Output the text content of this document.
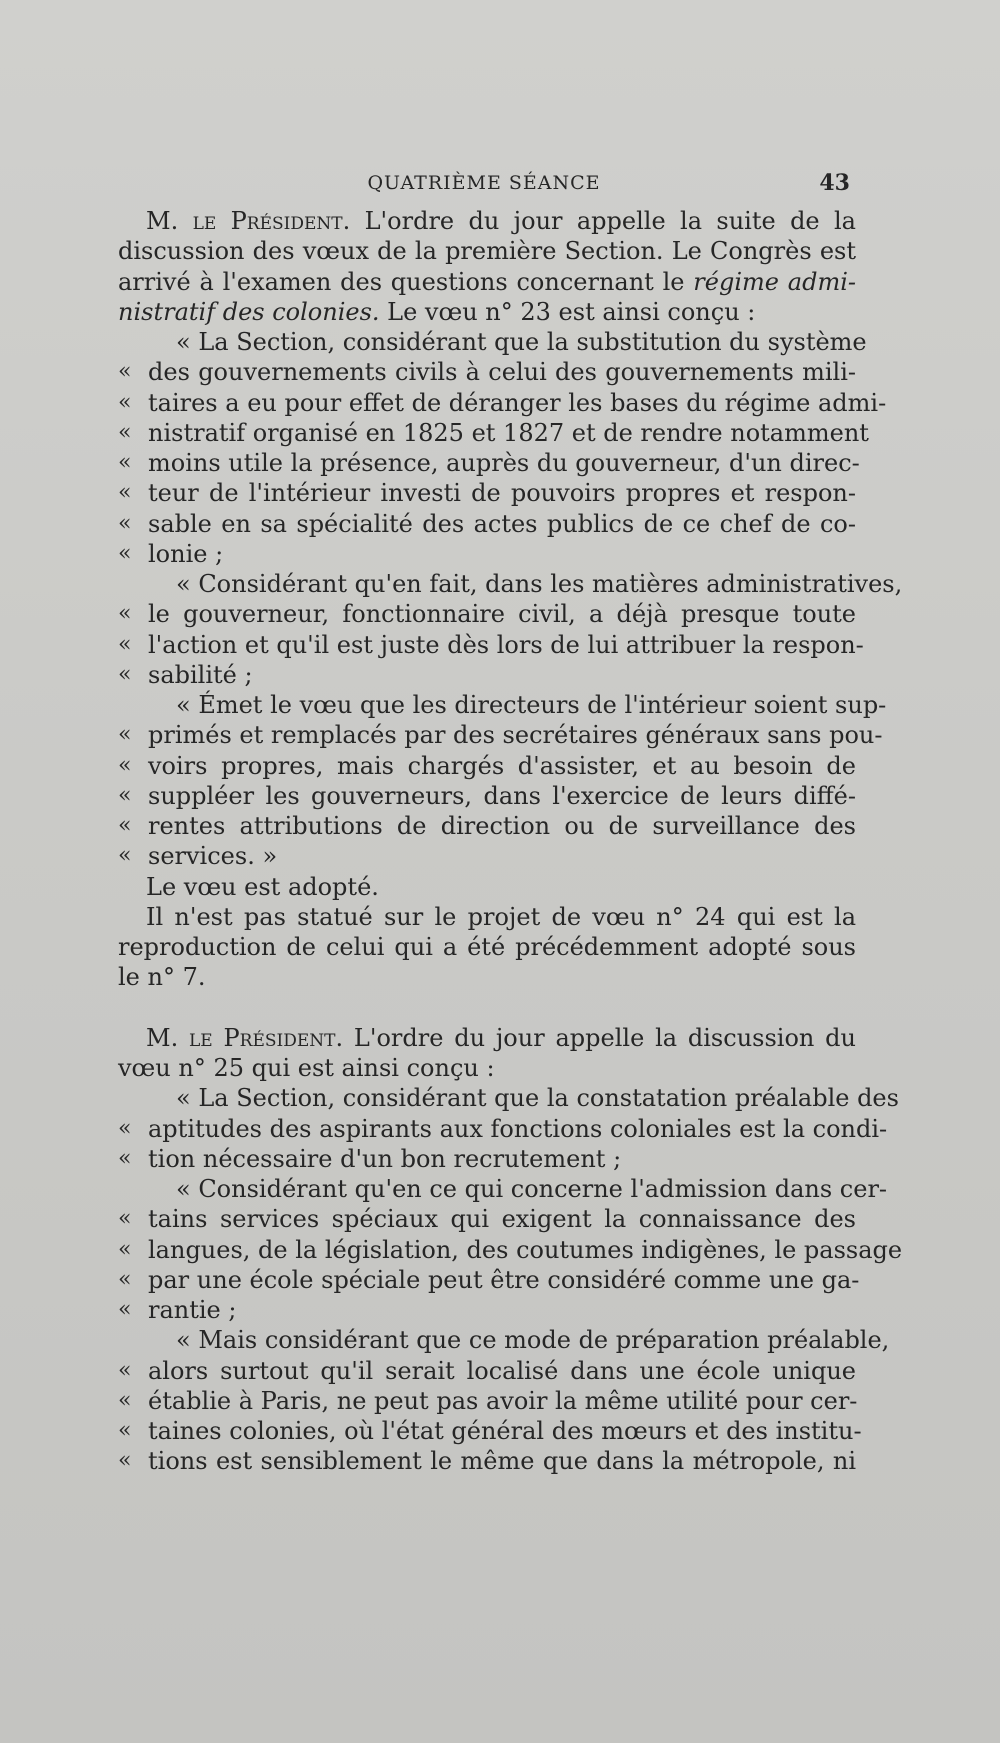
QUATRIÈME SÉANCE	43
M. le Président. L'ordre du jour appelle la suite de la
discussion des vœux de la première Section. Le Congrès est
arrivé à l'examen des questions concernant le régime admi-
nistratif des colonies. Le vœu n° 23 est ainsi conçu :
« La Section, considérant que la substitution du système
« des gouvernements civils à celui des gouvernements mili-
« taires a eu pour effet de déranger les bases du régime admi-
« nistratif organisé en 1825 et 1827 et de rendre notamment
« moins utile la présence, auprès du gouverneur, d'un direc-
« teur de l'intérieur investi de pouvoirs propres et respon-
« sable en sa spécialité des actes publics de ce chef de co-
« lonie ;
« Considérant qu'en fait, dans les matières administratives,
« le gouverneur, fonctionnaire civil, a déjà presque toute
« l'action et qu'il est juste dès lors de lui attribuer la respon-
« sabilité ;
« Émet le vœu que les directeurs de l'intérieur soient sup-
« primés et remplacés par des secrétaires généraux sans pou-
« voirs propres, mais chargés d'assister, et au besoin de
« suppléer les gouverneurs, dans l'exercice de leurs diffé-
« rentes attributions de direction ou de surveillance des
« services. »
Le vœu est adopté.
Il n'est pas statué sur le projet de vœu n° 24 qui est la
reproduction de celui qui a été précédemment adopté sous
le n° 7.
M. le Président. L'ordre du jour appelle la discussion du
vœu n° 25 qui est ainsi conçu :
« La Section, considérant que la constatation préalable des
« aptitudes des aspirants aux fonctions coloniales est la condi-
« tion nécessaire d'un bon recrutement ;
« Considérant qu'en ce qui concerne l'admission dans cer-
« tains services spéciaux qui exigent la connaissance des
« langues, de la législation, des coutumes indigènes, le passage
« par une école spéciale peut être considéré comme une ga-
« rantie ;
« Mais considérant que ce mode de préparation préalable,
« alors surtout qu'il serait localisé dans une école unique
« établie à Paris, ne peut pas avoir la même utilité pour cer-
« taines colonies, où l'état général des mœurs et des institu-
« tions est sensiblement le même que dans la métropole, ni
